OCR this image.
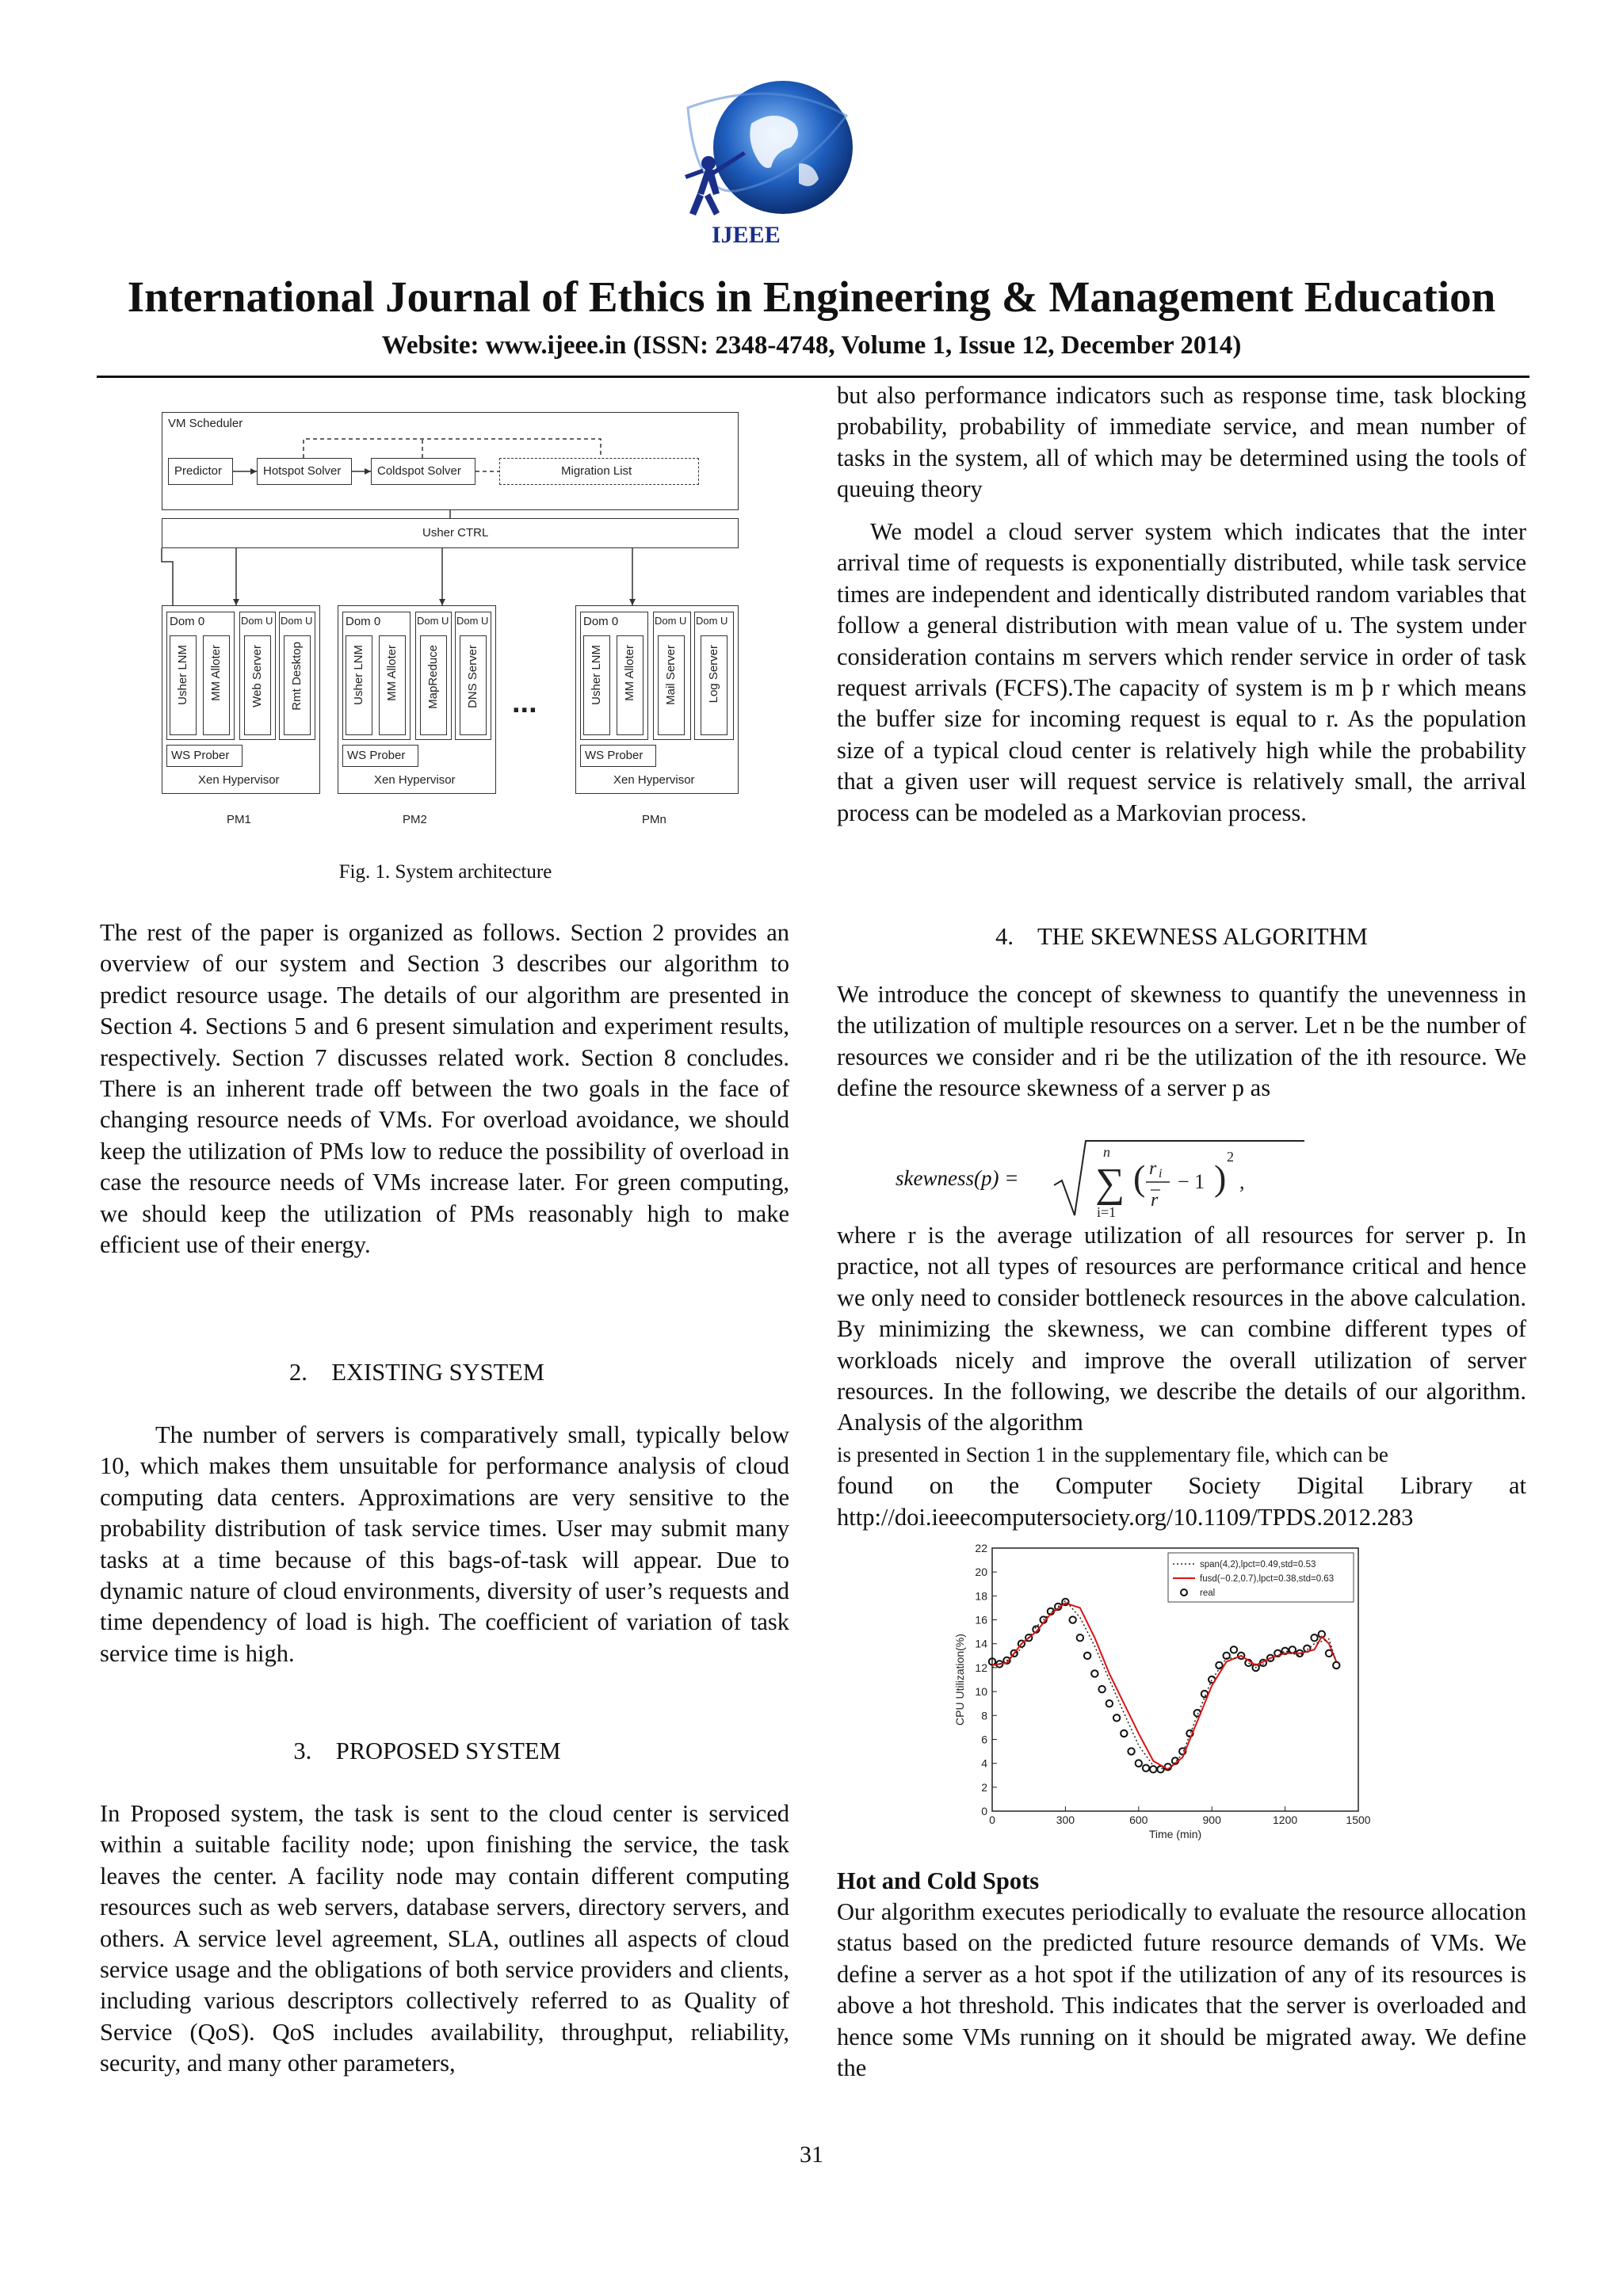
IJEEE
International Journal of Ethics in Engineering & Management Education
Website: www.ijeee.in (ISSN: 2348-4748, Volume 1, Issue 12, December 2014)
VM Scheduler
Predictor	Hotspot Solver	Coldspot Solver	Migration List
Usher CTRL
Dom 0
Usher LNM MM Alloter
Dom U
Web Server
Dom U
Rmt Desktop
WS Prober
Xen Hypervisor
PM1
Dom 0
Usher LNM MM Alloter
Dom U
MapReduce
Dom U
DNS Server
WS Prober
Xen Hypervisor
PM2
...
Dom 0
Usher LNM MM Alloter
Dom U
Mail Server
Dom U
Log Server
WS Prober
Xen Hypervisor
PMn
Fig. 1. System architecture

The rest of the paper is organized as follows. Section 2 provides an overview of our system and Section 3 describes our algorithm to predict resource usage. The details of our algorithm are presented in Section 4. Sections 5 and 6 present simulation and experiment results, respectively. Section 7 discusses related work. Section 8 concludes. There is an inherent trade off between the two goals in the face of changing resource needs of VMs. For overload avoidance, we should keep the utilization of PMs low to reduce the possibility of overload in case the resource needs of VMs increase later. For green computing, we should keep the utilization of PMs reasonably high to make efficient use of their energy.

2.    EXISTING SYSTEM

The number of servers is comparatively small, typically below 10, which makes them unsuitable for performance analysis of cloud computing data centers. Approximations are very sensitive to the probability distribution of task service times. User may submit many tasks at a time because of this bags-of-task will appear. Due to dynamic nature of cloud environments, diversity of user’s requests and time dependency of load is high. The coefficient of variation of task service time is high.

3.    PROPOSED SYSTEM

In Proposed system, the task is sent to the cloud center is serviced within a suitable facility node; upon finishing the service, the task leaves the center. A facility node may contain different computing resources such as web servers, database servers, directory servers, and others. A service level agreement, SLA, outlines all aspects of cloud service usage and the obligations of both service providers and clients, including various descriptors collectively referred to as Quality of Service (QoS). QoS includes availability, throughput, reliability, security, and many other parameters,

but also performance indicators such as response time, task blocking probability, probability of immediate service, and mean number of tasks in the system, all of which may be determined using the tools of queuing theory

We model a cloud server system which indicates that the inter arrival time of requests is exponentially distributed, while task service times are independent and identically distributed random variables that follow a general distribution with mean value of u. The system under consideration contains m servers which render service in order of task request arrivals (FCFS).The capacity of system is m þ r which means the buffer size for incoming request is equal to r. As the population size of a typical cloud center is relatively high while the probability that a given user will request service is relatively small, the arrival process can be modeled as a Markovian process.

4.    THE SKEWNESS ALGORITHM

We introduce the concept of skewness to quantify the unevenness in the utilization of multiple resources on a server. Let n be the number of resources we consider and ri be the utilization of the ith resource. We define the resource skewness of a server p as

skewness(p) = ∑
n
i=1
( r i
r
− 1 )
2
,

where r is the average utilization of all resources for server p. In practice, not all types of resources are performance critical and hence we only need to consider bottleneck resources in the above calculation. By minimizing the skewness, we can combine different types of workloads nicely and improve the overall utilization of server resources. In the following, we describe the details of our algorithm. Analysis of the algorithm

is presented in Section 1 in the supplementary file, which can be
found on the Computer Society Digital Library at
http://doi.ieeecomputersociety.org/10.1109/TPDS.2012.283
0
2
4
6
8
10
12
14
16
18
20
22
0	300	600	900	1200	1500
Time (min)
CPU Utilization(%)
span(4,2),lpct=0.49,std=0.53
fusd(−0.2,0.7),lpct=0.38,std=0.63
real
Hot and Cold Spots

Our algorithm executes periodically to evaluate the resource allocation status based on the predicted future resource demands of VMs. We define a server as a hot spot if the utilization of any of its resources is above a hot threshold. This indicates that the server is overloaded and hence some VMs running on it should be migrated away. We define the

31
